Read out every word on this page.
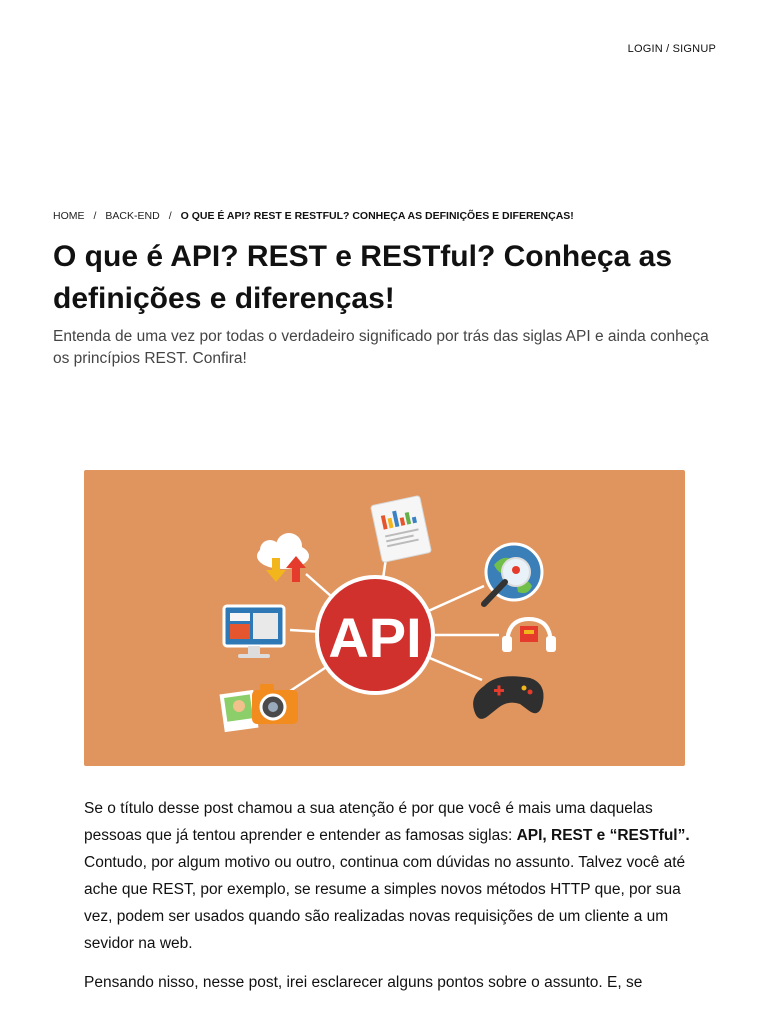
LOGIN / SIGNUP
HOME / BACK-END / O QUE É API? REST E RESTFUL? CONHEÇA AS DEFINIÇÕES E DIFERENÇAS!
O que é API? REST e RESTful? Conheça as definições e diferenças!

Entenda de uma vez por todas o verdadeiro significado por trás das siglas API e ainda conheça os princípios REST. Confira!

API

Se o título desse post chamou a sua atenção é por que você é mais uma daquelas pessoas que já tentou aprender e entender as famosas siglas: API, REST e “RESTful”. Contudo, por algum motivo ou outro, continua com dúvidas no assunto. Talvez você até ache que REST, por exemplo, se resume a simples novos métodos HTTP que, por sua vez, podem ser usados quando são realizadas novas requisições de um cliente a um sevidor na web.

Pensando nisso, nesse post, irei esclarecer alguns pontos sobre o assunto. E, se
